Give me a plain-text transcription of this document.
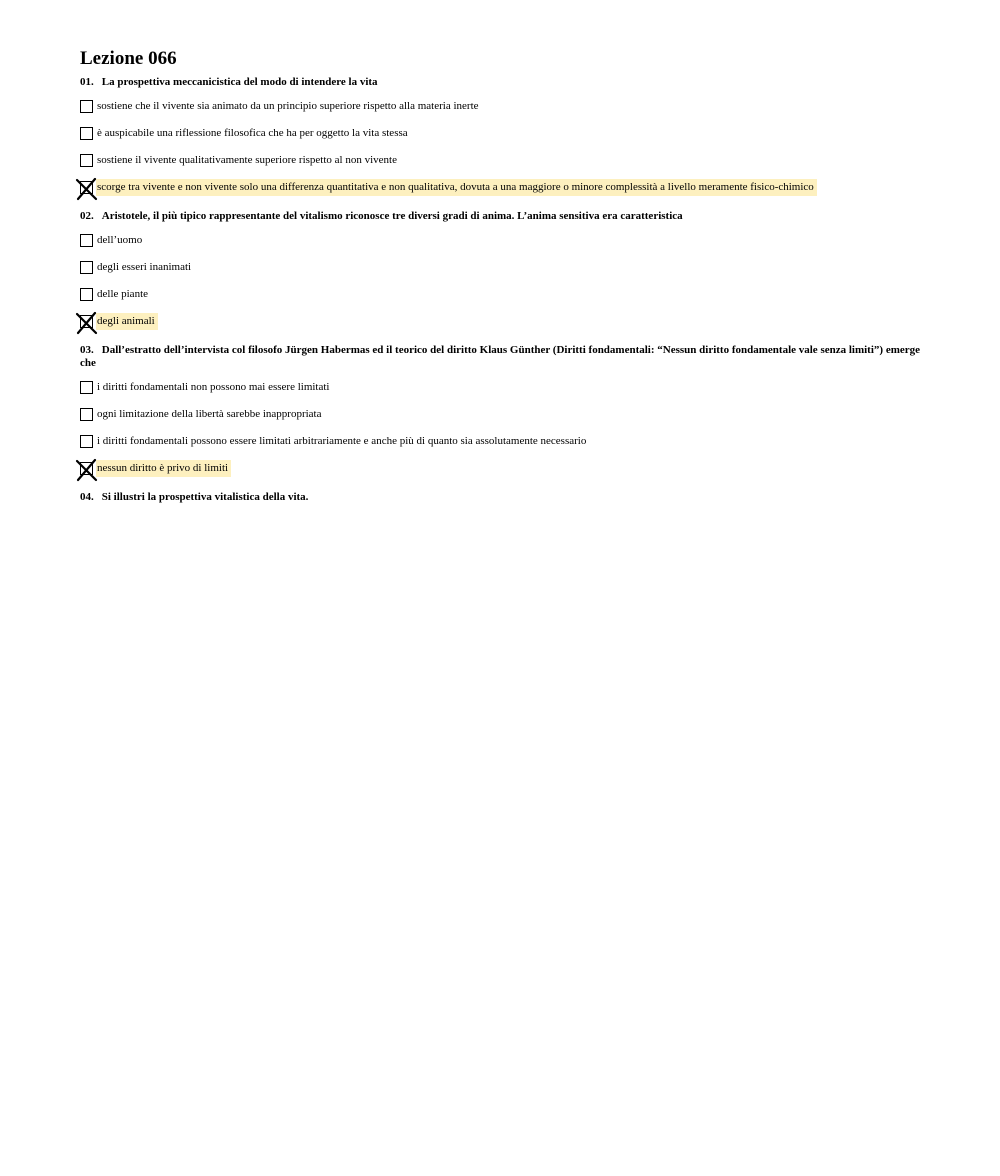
Lezione 066

01. La prospettiva meccanicistica del modo di intendere la vita

sostiene che il vivente sia animato da un principio superiore rispetto alla materia inerte
è auspicabile una riflessione filosofica che ha per oggetto la vita stessa
sostiene il vivente qualitativamente superiore rispetto al non vivente
scorge tra vivente e non vivente solo una differenza quantitativa e non qualitativa, dovuta a una maggiore o minore complessità a livello meramente fisico-chimico

02. Aristotele, il più tipico rappresentante del vitalismo riconosce tre diversi gradi di anima. L’anima sensitiva era caratteristica

dell’uomo
degli esseri inanimati
delle piante
degli animali

03. Dall’estratto dell’intervista col filosofo Jürgen Habermas ed il teorico del diritto Klaus Günther (Diritti fondamentali: “Nessun diritto fondamentale vale senza limiti”) emerge che

i diritti fondamentali non possono mai essere limitati
ogni limitazione della libertà sarebbe inappropriata
i diritti fondamentali possono essere limitati arbitrariamente e anche più di quanto sia assolutamente necessario
nessun diritto è privo di limiti

04. Si illustri la prospettiva vitalistica della vita.
